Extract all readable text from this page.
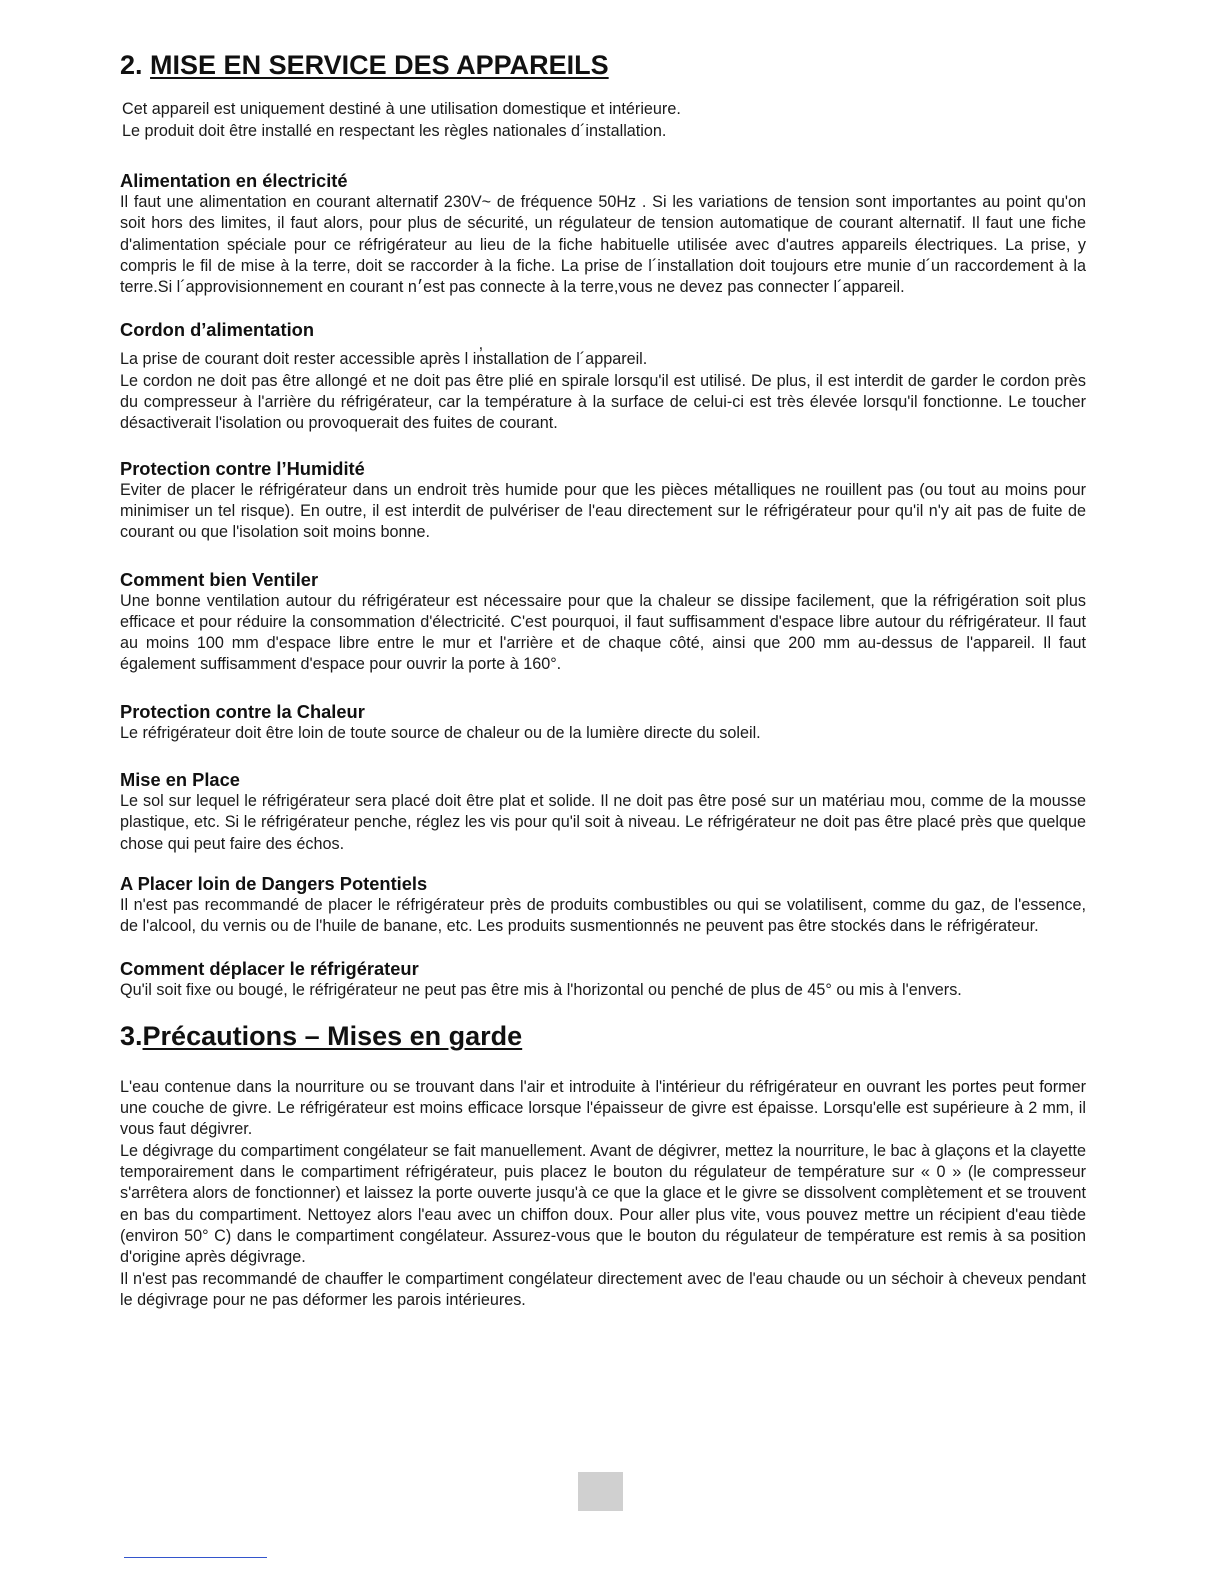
2. MISE EN SERVICE DES APPAREILS

Cet appareil est uniquement destiné à une utilisation domestique et intérieure.

Le produit doit être installé en respectant les règles nationales d´installation.

Alimentation en électricité

Il faut une alimentation en courant alternatif 230V~ de fréquence 50Hz . Si les variations de tension sont importantes au point qu'on soit hors des limites, il faut alors, pour plus de sécurité, un régulateur de tension automatique de courant alternatif. Il faut une fiche d'alimentation spéciale pour ce réfrigérateur au lieu de la fiche habituelle utilisée avec d'autres appareils électriques. La prise, y compris le fil de mise à la terre, doit se raccorder à la fiche. La prise de l´installation doit toujours etre munie d´un raccordement à la terre.Si l´approvisionnement en courant n׳est pas connecte à la terre,vous ne devez pas connecter l´appareil.

Cordon d’alimentation

La prise de courant doit rester accessible après l in̓stallation de l´appareil.

Le cordon ne doit pas être allongé et ne doit pas être plié en spirale lorsqu'il est utilisé. De plus, il est interdit de garder le cordon près du compresseur à l'arrière du réfrigérateur, car la température à la surface de celui-ci est très élevée lorsqu'il fonctionne. Le toucher désactiverait l'isolation ou provoquerait des fuites de courant.

Protection contre l’Humidité

Eviter de placer le réfrigérateur dans un endroit très humide pour que les pièces métalliques ne rouillent pas (ou tout au moins pour minimiser un tel risque). En outre, il est interdit de pulvériser de l'eau directement sur le réfrigérateur pour qu'il n'y ait pas de fuite de courant ou que l'isolation soit moins bonne.

Comment bien Ventiler

Une bonne ventilation autour du réfrigérateur est nécessaire pour que la chaleur se dissipe facilement, que la réfrigération soit plus efficace et pour réduire la consommation d'électricité. C'est pourquoi, il faut suffisamment d'espace libre autour du réfrigérateur. Il faut au moins 100 mm d'espace libre entre le mur et l'arrière et de chaque côté, ainsi que 200 mm au-dessus de l'appareil. Il faut également suffisamment d'espace pour ouvrir la porte à 160°.

Protection contre la Chaleur

Le réfrigérateur doit être loin de toute source de chaleur ou de la lumière directe du soleil.

Mise en Place

Le sol sur lequel le réfrigérateur sera placé doit être plat et solide. Il ne doit pas être posé sur un matériau mou, comme de la mousse plastique, etc. Si le réfrigérateur penche, réglez les vis pour qu'il soit à niveau. Le réfrigérateur ne doit pas être placé près que quelque chose qui peut faire des échos.

A Placer loin de Dangers Potentiels

Il n'est pas recommandé de placer le réfrigérateur près de produits combustibles ou qui se volatilisent, comme du gaz, de l'essence, de l'alcool, du vernis ou de l'huile de banane, etc. Les produits susmentionnés ne peuvent pas être stockés dans le réfrigérateur.

Comment déplacer le réfrigérateur

Qu'il soit fixe ou bougé, le réfrigérateur ne peut pas être mis à l'horizontal ou penché de plus de 45° ou mis à l'envers.

3.Précautions – Mises en garde

L'eau contenue dans la nourriture ou se trouvant dans l'air et introduite à l'intérieur du réfrigérateur en ouvrant les portes peut former une couche de givre. Le réfrigérateur est moins efficace lorsque l'épaisseur de givre est épaisse. Lorsqu'elle est supérieure à 2 mm, il vous faut dégivrer.

Le dégivrage du compartiment congélateur se fait manuellement. Avant de dégivrer, mettez la nourriture, le bac à glaçons et la clayette temporairement dans le compartiment réfrigérateur, puis placez le bouton du régulateur de température sur « 0 » (le compresseur s'arrêtera alors de fonctionner) et laissez la porte ouverte jusqu'à ce que la glace et le givre se dissolvent complètement et se trouvent en bas du compartiment. Nettoyez alors l'eau avec un chiffon doux. Pour aller plus vite, vous pouvez mettre un récipient d'eau tiède (environ 50° C) dans le compartiment congélateur. Assurez-vous que le bouton du régulateur de température est remis à sa position d'origine après dégivrage.

Il n'est pas recommandé de chauffer le compartiment congélateur directement avec de l'eau chaude ou un séchoir à cheveux pendant le dégivrage pour ne pas déformer les parois intérieures.
